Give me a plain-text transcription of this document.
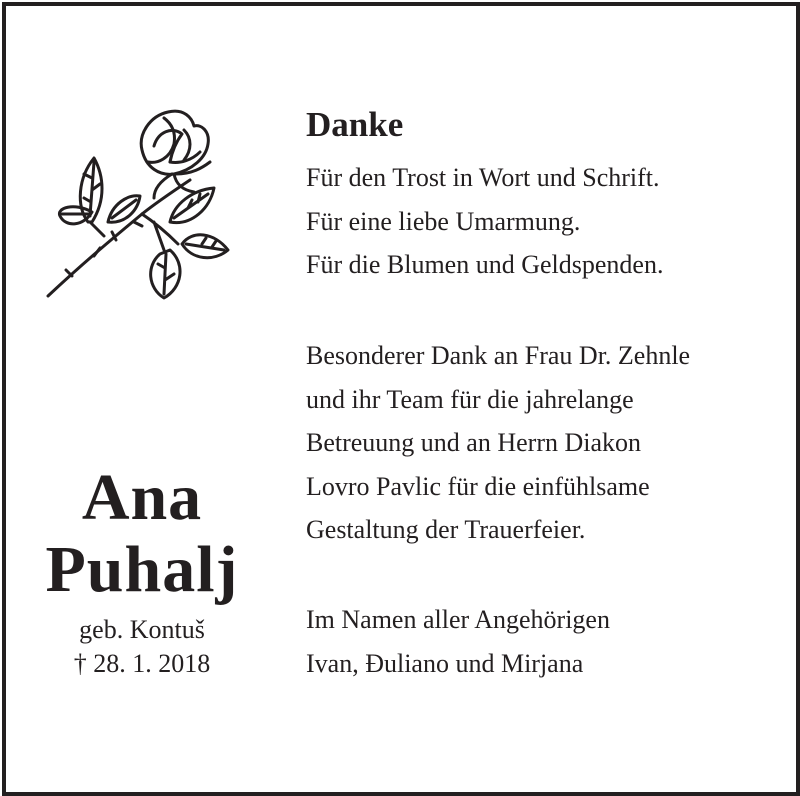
Ana
Puhalj
geb. Kontuš
† 28. 1. 2018
Danke

Für den Trost in Wort und Schrift.
Für eine liebe Umarmung.
Für die Blumen und Geldspenden.

Besonderer Dank an Frau Dr. Zehnle
und ihr Team für die jahrelange
Betreuung und an Herrn Diakon
Lovro Pavlic für die einfühlsame
Gestaltung der Trauerfeier.

Im Namen aller Angehörigen
Ivan, Đuliano und Mirjana
